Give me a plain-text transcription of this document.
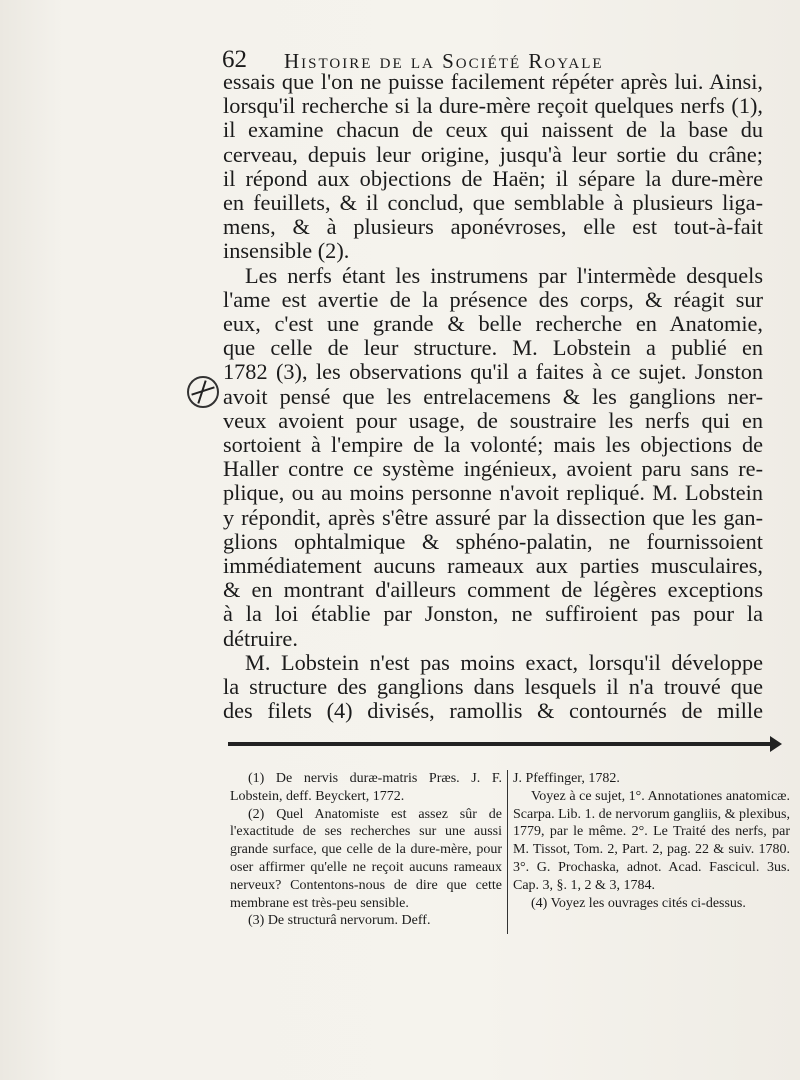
62 Histoire de la Société Royale
essais que l'on ne puisse facilement répéter après lui. Ainsi,
lorsqu'il recherche si la dure-mère reçoit quelques nerfs (1),
il examine chacun de ceux qui naissent de la base du
cerveau, depuis leur origine, jusqu'à leur sortie du crâne;
il répond aux objections de Haën; il sépare la dure-mère
en feuillets, & il conclud, que semblable à plusieurs liga-
mens, & à plusieurs aponévroses, elle est tout-à-fait
insensible (2).
Les nerfs étant les instrumens par l'intermède desquels
l'ame est avertie de la présence des corps, & réagit sur
eux, c'est une grande & belle recherche en Anatomie,
que celle de leur structure. M. Lobstein a publié en
1782 (3), les observations qu'il a faites à ce sujet. Jonston
avoit pensé que les entrelacemens & les ganglions ner-
veux avoient pour usage, de soustraire les nerfs qui en
sortoient à l'empire de la volonté; mais les objections de
Haller contre ce système ingénieux, avoient paru sans re-
plique, ou au moins personne n'avoit repliqué. M. Lobstein
y répondit, après s'être assuré par la dissection que les gan-
glions ophtalmique & sphéno-palatin, ne fournissoient
immédiatement aucuns rameaux aux parties musculaires,
& en montrant d'ailleurs comment de légères exceptions
à la loi établie par Jonston, ne suffiroient pas pour la
détruire.
M. Lobstein n'est pas moins exact, lorsqu'il développe
la structure des ganglions dans lesquels il n'a trouvé que
des filets (4) divisés, ramollis & contournés de mille

(1) De nervis duræ-matris Præs. J. F. Lobstein, deff. Beyckert, 1772.

(2) Quel Anatomiste est assez sûr de l'exactitude de ses recherches sur une aussi grande surface, que celle de la dure-mère, pour oser affirmer qu'elle ne reçoit aucuns rameaux nerveux? Contentons-nous de dire que cette membrane est très-peu sensible.

(3) De structurâ nervorum. Deff.

J. Pfeffinger, 1782.

Voyez à ce sujet, 1°. Annotationes anatomicæ. Scarpa. Lib. 1. de nervorum gangliis, & plexibus, 1779, par le même. 2°. Le Traité des nerfs, par M. Tissot, Tom. 2, Part. 2, pag. 22 & suiv. 1780. 3°. G. Prochaska, adnot. Acad. Fascicul. 3us. Cap. 3, §. 1, 2 & 3, 1784.

(4) Voyez les ouvrages cités ci-dessus.
